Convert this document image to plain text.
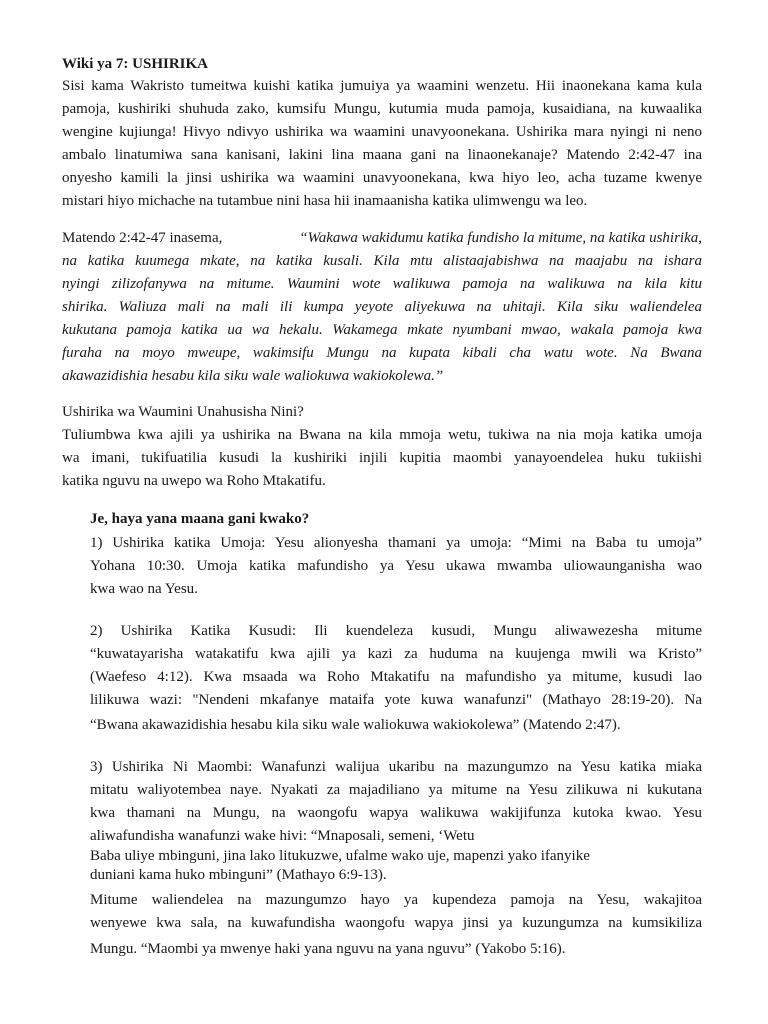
Wiki ya 7: USHIRIKA
Sisi kama Wakristo tumeitwa kuishi katika jumuiya ya waamini wenzetu. Hii inaonekana kama kula
pamoja, kushiriki shuhuda zako, kumsifu Mungu, kutumia muda pamoja, kusaidiana, na kuwaalika
wengine kujiunga! Hivyo ndivyo ushirika wa waamini unavyoonekana. Ushirika mara nyingi ni neno
ambalo linatumiwa sana kanisani, lakini lina maana gani na linaonekanaje? Matendo 2:42-47 ina
onyesho kamili la jinsi ushirika wa waamini unavyoonekana, kwa hiyo leo, acha tuzame kwenye
mistari hiyo michache na tutambue nini hasa hii inamaanisha katika ulimwengu wa leo.
Matendo 2:42-47 inasema,	“Wakawa wakidumu katika fundisho la mitume, na katika ushirika,
na katika kuumega mkate, na katika kusali. Kila mtu alistaajabishwa na maajabu na ishara
nyingi zilizofanywa na mitume. Waumini wote walikuwa pamoja na walikuwa na kila kitu
shirika. Waliuza mali na mali ili kumpa yeyote aliyekuwa na uhitaji. Kila siku waliendelea
kukutana pamoja katika ua wa hekalu. Wakamega mkate nyumbani mwao, wakala pamoja kwa
furaha na moyo mweupe, wakimsifu Mungu na kupata kibali cha watu wote. Na Bwana
akawazidishia hesabu kila siku wale waliokuwa wakiokolewa.”
Ushirika wa Waumini Unahusisha Nini?
Tuliumbwa kwa ajili ya ushirika na Bwana na kila mmoja wetu, tukiwa na nia moja katika umoja
wa imani, tukifuatilia kusudi la kushiriki injili kupitia maombi yanayoendelea huku tukiishi
katika nguvu na uwepo wa Roho Mtakatifu.
Je, haya yana maana gani kwako?
1) Ushirika katika Umoja: Yesu alionyesha thamani ya umoja: “Mimi na Baba tu umoja”
Yohana 10:30. Umoja katika mafundisho ya Yesu ukawa mwamba uliowaunganisha wao
kwa wao na Yesu.
2) Ushirika Katika Kusudi: Ili kuendeleza kusudi, Mungu aliwawezesha mitume
“kuwatayarisha watakatifu kwa ajili ya kazi za huduma na kuujenga mwili wa Kristo”
(Waefeso 4:12). Kwa msaada wa Roho Mtakatifu na mafundisho ya mitume, kusudi lao
lilikuwa wazi: "Nendeni mkafanye mataifa yote kuwa wanafunzi" (Mathayo 28:19-20). Na
“Bwana akawazidishia hesabu kila siku wale waliokuwa wakiokolewa” (Matendo 2:47).
3) Ushirika Ni Maombi: Wanafunzi walijua ukaribu na mazungumzo na Yesu katika miaka
mitatu waliyotembea naye. Nyakati za majadiliano ya mitume na Yesu zilikuwa ni kukutana
kwa thamani na Mungu, na waongofu wapya walikuwa wakijifunza kutoka kwao. Yesu
aliwafundisha wanafunzi wake hivi: “Mnaposali, semeni, ‘Wetu
Baba uliye mbinguni, jina lako litukuzwe, ufalme wako uje, mapenzi yako ifanyike
duniani kama huko mbinguni” (Mathayo 6:9-13).
Mitume waliendelea na mazungumzo hayo ya kupendeza pamoja na Yesu, wakajitoa
wenyewe kwa sala, na kuwafundisha waongofu wapya jinsi ya kuzungumza na kumsikiliza
Mungu. “Maombi ya mwenye haki yana nguvu na yana nguvu” (Yakobo 5:16).
